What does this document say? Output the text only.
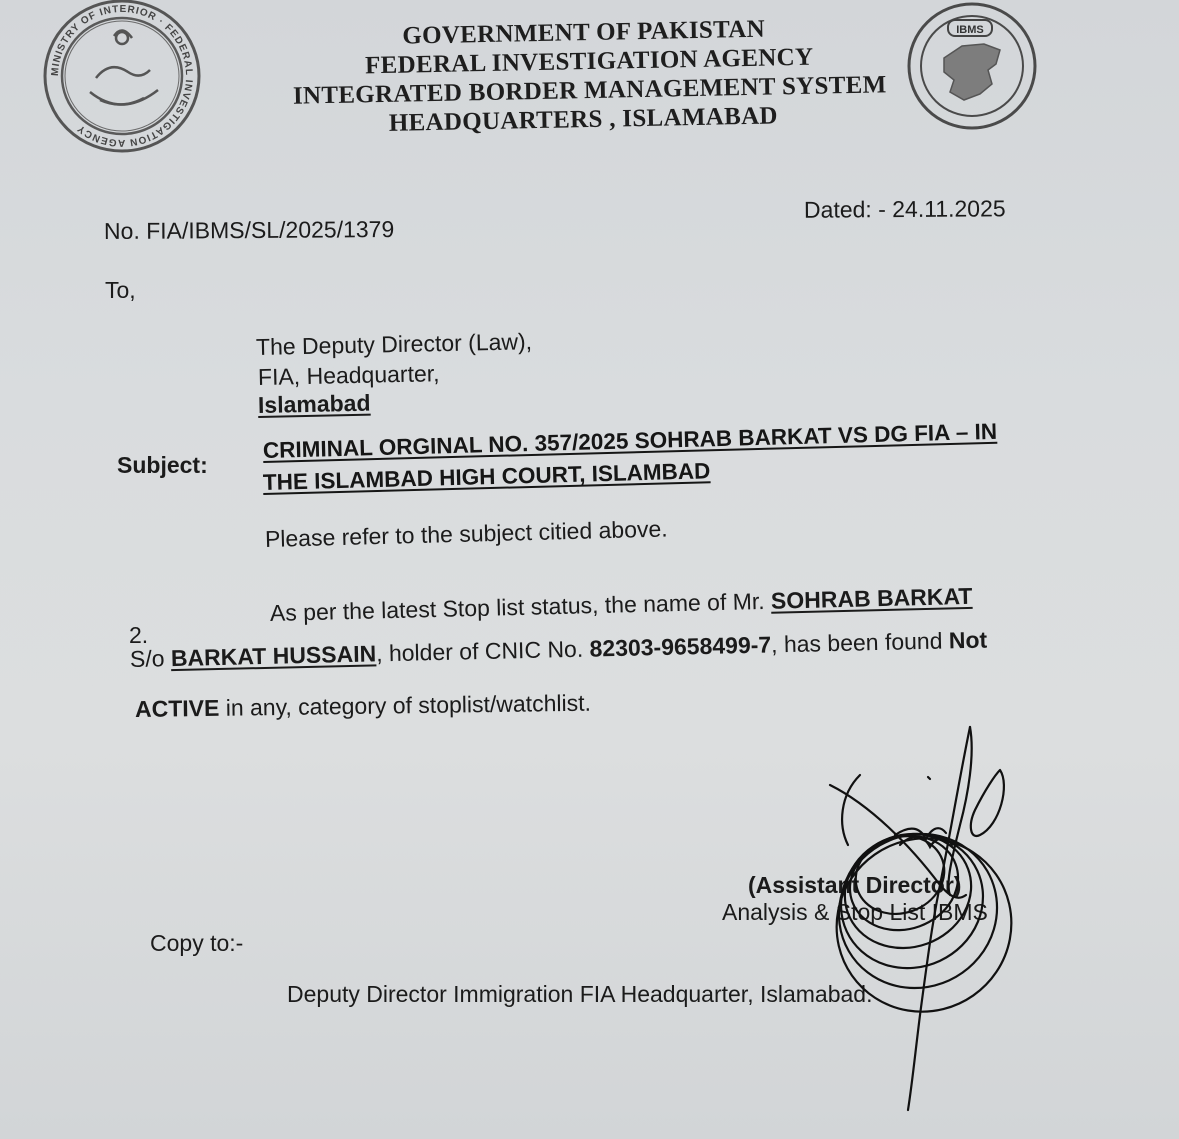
MINISTRY OF INTERIOR · FEDERAL INVESTIGATION AGENCY
IBMS
GOVERNMENT OF PAKISTAN
FEDERAL INVESTIGATION AGENCY
INTEGRATED BORDER MANAGEMENT SYSTEM
HEADQUARTERS , ISLAMABAD
No. FIA/IBMS/SL/2025/1379
Dated: - 24.11.2025
To,
The Deputy Director (Law),
FIA, Headquarter,
Islamabad
Subject:
CRIMINAL ORGINAL NO. 357/2025 SOHRAB BARKAT VS DG FIA – IN
THE ISLAMBAD HIGH COURT, ISLAMBAD
Please refer to the subject citied above.
2.
As per the latest Stop list status, the name of Mr. SOHRAB BARKAT
S/o BARKAT HUSSAIN, holder of CNIC No. 82303-9658499-7, has been found Not
ACTIVE in any, category of stoplist/watchlist.
(Assistant Director)
Analysis & Stop List IBMS
Copy to:-
Deputy Director Immigration FIA Headquarter, Islamabad.
